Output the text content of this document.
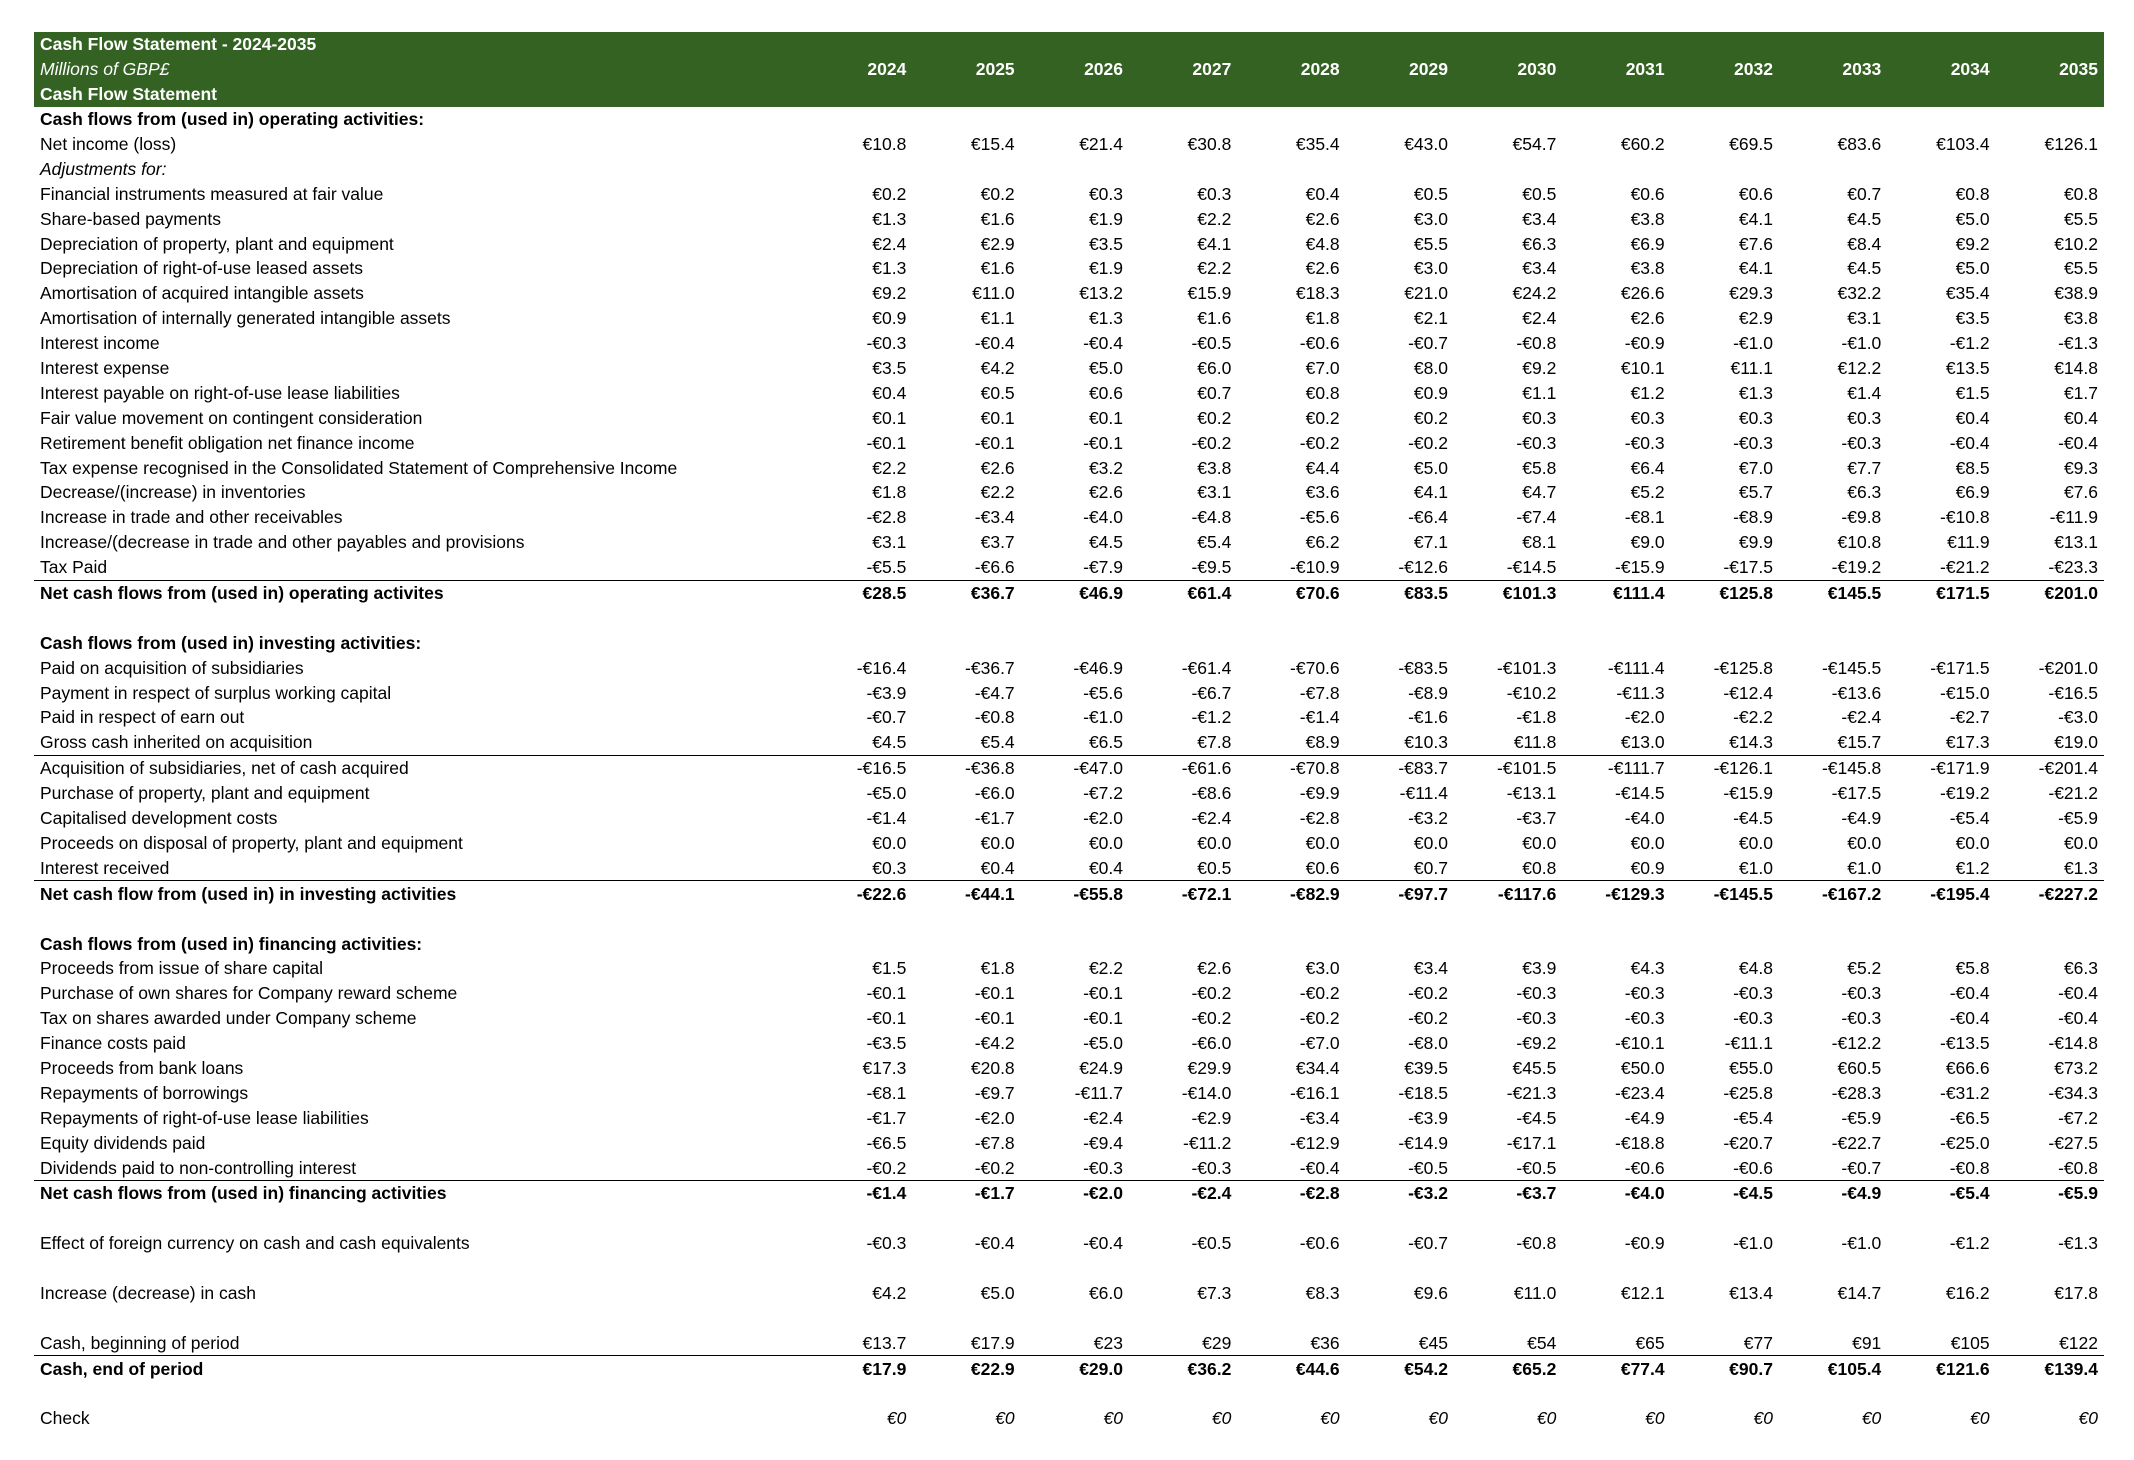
Cash Flow Statement - 2024-2035												
Millions of GBP£	2024	2025	2026	2027	2028	2029	2030	2031	2032	2033	2034	2035
Cash Flow Statement												
Cash flows from (used in) operating activities:												
Net income (loss)	€10.8	€15.4	€21.4	€30.8	€35.4	€43.0	€54.7	€60.2	€69.5	€83.6	€103.4	€126.1
Adjustments for:												
Financial instruments measured at fair value	€0.2	€0.2	€0.3	€0.3	€0.4	€0.5	€0.5	€0.6	€0.6	€0.7	€0.8	€0.8
Share-based payments	€1.3	€1.6	€1.9	€2.2	€2.6	€3.0	€3.4	€3.8	€4.1	€4.5	€5.0	€5.5
Depreciation of property, plant and equipment	€2.4	€2.9	€3.5	€4.1	€4.8	€5.5	€6.3	€6.9	€7.6	€8.4	€9.2	€10.2
Depreciation of right-of-use leased assets	€1.3	€1.6	€1.9	€2.2	€2.6	€3.0	€3.4	€3.8	€4.1	€4.5	€5.0	€5.5
Amortisation of acquired intangible assets	€9.2	€11.0	€13.2	€15.9	€18.3	€21.0	€24.2	€26.6	€29.3	€32.2	€35.4	€38.9
Amortisation of internally generated intangible assets	€0.9	€1.1	€1.3	€1.6	€1.8	€2.1	€2.4	€2.6	€2.9	€3.1	€3.5	€3.8
Interest income	-€0.3	-€0.4	-€0.4	-€0.5	-€0.6	-€0.7	-€0.8	-€0.9	-€1.0	-€1.0	-€1.2	-€1.3
Interest expense	€3.5	€4.2	€5.0	€6.0	€7.0	€8.0	€9.2	€10.1	€11.1	€12.2	€13.5	€14.8
Interest payable on right-of-use lease liabilities	€0.4	€0.5	€0.6	€0.7	€0.8	€0.9	€1.1	€1.2	€1.3	€1.4	€1.5	€1.7
Fair value movement on contingent consideration	€0.1	€0.1	€0.1	€0.2	€0.2	€0.2	€0.3	€0.3	€0.3	€0.3	€0.4	€0.4
Retirement benefit obligation net finance income	-€0.1	-€0.1	-€0.1	-€0.2	-€0.2	-€0.2	-€0.3	-€0.3	-€0.3	-€0.3	-€0.4	-€0.4
Tax expense recognised in the Consolidated Statement of Comprehensive Income	€2.2	€2.6	€3.2	€3.8	€4.4	€5.0	€5.8	€6.4	€7.0	€7.7	€8.5	€9.3
Decrease/(increase) in inventories	€1.8	€2.2	€2.6	€3.1	€3.6	€4.1	€4.7	€5.2	€5.7	€6.3	€6.9	€7.6
Increase in trade and other receivables	-€2.8	-€3.4	-€4.0	-€4.8	-€5.6	-€6.4	-€7.4	-€8.1	-€8.9	-€9.8	-€10.8	-€11.9
Increase/(decrease in trade and other payables and provisions	€3.1	€3.7	€4.5	€5.4	€6.2	€7.1	€8.1	€9.0	€9.9	€10.8	€11.9	€13.1
Tax Paid	-€5.5	-€6.6	-€7.9	-€9.5	-€10.9	-€12.6	-€14.5	-€15.9	-€17.5	-€19.2	-€21.2	-€23.3
Net cash flows from (used in) operating activites	€28.5	€36.7	€46.9	€61.4	€70.6	€83.5	€101.3	€111.4	€125.8	€145.5	€171.5	€201.0

Cash flows from (used in) investing activities:												
Paid on acquisition of subsidiaries	-€16.4	-€36.7	-€46.9	-€61.4	-€70.6	-€83.5	-€101.3	-€111.4	-€125.8	-€145.5	-€171.5	-€201.0
Payment in respect of surplus working capital	-€3.9	-€4.7	-€5.6	-€6.7	-€7.8	-€8.9	-€10.2	-€11.3	-€12.4	-€13.6	-€15.0	-€16.5
Paid in respect of earn out	-€0.7	-€0.8	-€1.0	-€1.2	-€1.4	-€1.6	-€1.8	-€2.0	-€2.2	-€2.4	-€2.7	-€3.0
Gross cash inherited on acquisition	€4.5	€5.4	€6.5	€7.8	€8.9	€10.3	€11.8	€13.0	€14.3	€15.7	€17.3	€19.0
Acquisition of subsidiaries, net of cash acquired	-€16.5	-€36.8	-€47.0	-€61.6	-€70.8	-€83.7	-€101.5	-€111.7	-€126.1	-€145.8	-€171.9	-€201.4
Purchase of property, plant and equipment	-€5.0	-€6.0	-€7.2	-€8.6	-€9.9	-€11.4	-€13.1	-€14.5	-€15.9	-€17.5	-€19.2	-€21.2
Capitalised development costs	-€1.4	-€1.7	-€2.0	-€2.4	-€2.8	-€3.2	-€3.7	-€4.0	-€4.5	-€4.9	-€5.4	-€5.9
Proceeds on disposal of property, plant and equipment	€0.0	€0.0	€0.0	€0.0	€0.0	€0.0	€0.0	€0.0	€0.0	€0.0	€0.0	€0.0
Interest received	€0.3	€0.4	€0.4	€0.5	€0.6	€0.7	€0.8	€0.9	€1.0	€1.0	€1.2	€1.3
Net cash flow from (used in) in investing activities	-€22.6	-€44.1	-€55.8	-€72.1	-€82.9	-€97.7	-€117.6	-€129.3	-€145.5	-€167.2	-€195.4	-€227.2

Cash flows from (used in) financing activities:												
Proceeds from issue of share capital	€1.5	€1.8	€2.2	€2.6	€3.0	€3.4	€3.9	€4.3	€4.8	€5.2	€5.8	€6.3
Purchase of own shares for Company reward scheme	-€0.1	-€0.1	-€0.1	-€0.2	-€0.2	-€0.2	-€0.3	-€0.3	-€0.3	-€0.3	-€0.4	-€0.4
Tax on shares awarded under Company scheme	-€0.1	-€0.1	-€0.1	-€0.2	-€0.2	-€0.2	-€0.3	-€0.3	-€0.3	-€0.3	-€0.4	-€0.4
Finance costs paid	-€3.5	-€4.2	-€5.0	-€6.0	-€7.0	-€8.0	-€9.2	-€10.1	-€11.1	-€12.2	-€13.5	-€14.8
Proceeds from bank loans	€17.3	€20.8	€24.9	€29.9	€34.4	€39.5	€45.5	€50.0	€55.0	€60.5	€66.6	€73.2
Repayments of borrowings	-€8.1	-€9.7	-€11.7	-€14.0	-€16.1	-€18.5	-€21.3	-€23.4	-€25.8	-€28.3	-€31.2	-€34.3
Repayments of right-of-use lease liabilities	-€1.7	-€2.0	-€2.4	-€2.9	-€3.4	-€3.9	-€4.5	-€4.9	-€5.4	-€5.9	-€6.5	-€7.2
Equity dividends paid	-€6.5	-€7.8	-€9.4	-€11.2	-€12.9	-€14.9	-€17.1	-€18.8	-€20.7	-€22.7	-€25.0	-€27.5
Dividends paid to non-controlling interest	-€0.2	-€0.2	-€0.3	-€0.3	-€0.4	-€0.5	-€0.5	-€0.6	-€0.6	-€0.7	-€0.8	-€0.8
Net cash flows from (used in) financing activities	-€1.4	-€1.7	-€2.0	-€2.4	-€2.8	-€3.2	-€3.7	-€4.0	-€4.5	-€4.9	-€5.4	-€5.9

Effect of foreign currency on cash and cash equivalents	-€0.3	-€0.4	-€0.4	-€0.5	-€0.6	-€0.7	-€0.8	-€0.9	-€1.0	-€1.0	-€1.2	-€1.3

Increase (decrease) in cash	€4.2	€5.0	€6.0	€7.3	€8.3	€9.6	€11.0	€12.1	€13.4	€14.7	€16.2	€17.8

Cash, beginning of period	€13.7	€17.9	€23	€29	€36	€45	€54	€65	€77	€91	€105	€122
Cash, end of period	€17.9	€22.9	€29.0	€36.2	€44.6	€54.2	€65.2	€77.4	€90.7	€105.4	€121.6	€139.4

Check	€0	€0	€0	€0	€0	€0	€0	€0	€0	€0	€0	€0
